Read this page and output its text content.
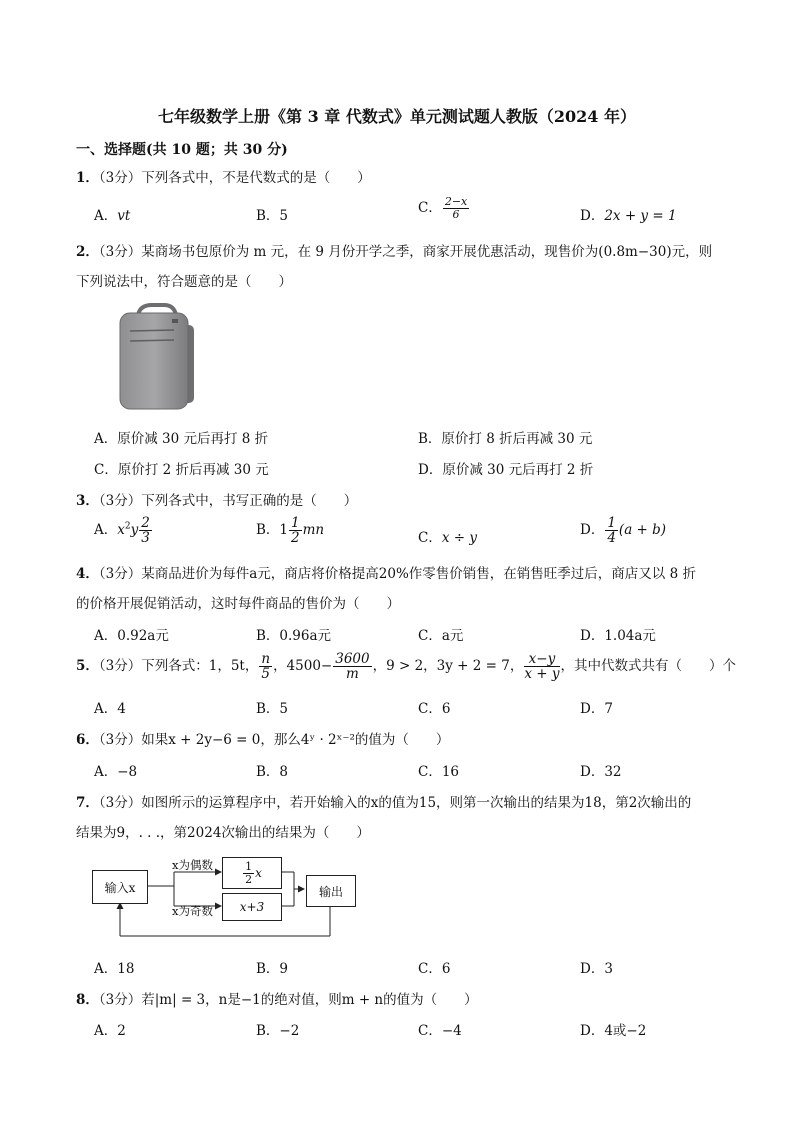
七年级数学上册《第 3 章 代数式》单元测试题人教版（2024 年）
一、选择题(共 10 题；共 30 分)
1．（3分）下列各式中，不是代数式的是（　　）
A．vt	B．5	C． $\frac{2-x}{6}$	D．2x + y = 1
2．（3分）某商场书包原价为 m 元，在 9 月份开学之季，商家开展优惠活动，现售价为(0.8m−30)元，则
下列说法中，符合题意的是（　　）
A．原价减 30 元后再打 8 折	B．原价打 8 折后再减 30 元
C．原价打 2 折后再减 30 元	D．原价减 30 元后再打 2 折
3．（3分）下列各式中，书写正确的是（　　）
A．$x^2y \frac{2}{3}$	B．$1 \frac{1}{2}$ mn	C．x ÷ y	D． $\frac{1}{4} (a + b)$
4．（3分）某商品进价为每件a元，商店将价格提高20%作零售价销售，在销售旺季过后，商店又以 8 折
的价格开展促销活动，这时每件商品的售价为（　　）
A．0.92a元	B．0.96a元	C．a元	D．1.04a元
5．（3分）下列各式：1，5t， $\frac{n}{5}$ ，$4500- \frac{3600}{m}$ ，9 > 2，3y + 2 = 7， $\frac{x-y}{x + y}$ ，其中代数式共有（　　）个
A．4	B．5	C．6	D．7
6．（3分）如果x + 2y−6 = 0，那么4ʸ · 2ˣ⁻²的值为（　　）
A．−8	B．8	C．16	D．32
7．（3分）如图所示的运算程序中，若开始输入的x的值为15，则第一次输出的结果为18，第2次输出的
结果为9，. . .，第2024次输出的结果为（　　）
输入x
x为偶数
x为奇数
$\frac{1}{2}$ x
x+3
输出
A．18	B．9	C．6	D．3
8．（3分）若|m| = 3，n是−1的绝对值，则m + n的值为（　　）
A．2	B．−2	C．−4	D．4或−2
